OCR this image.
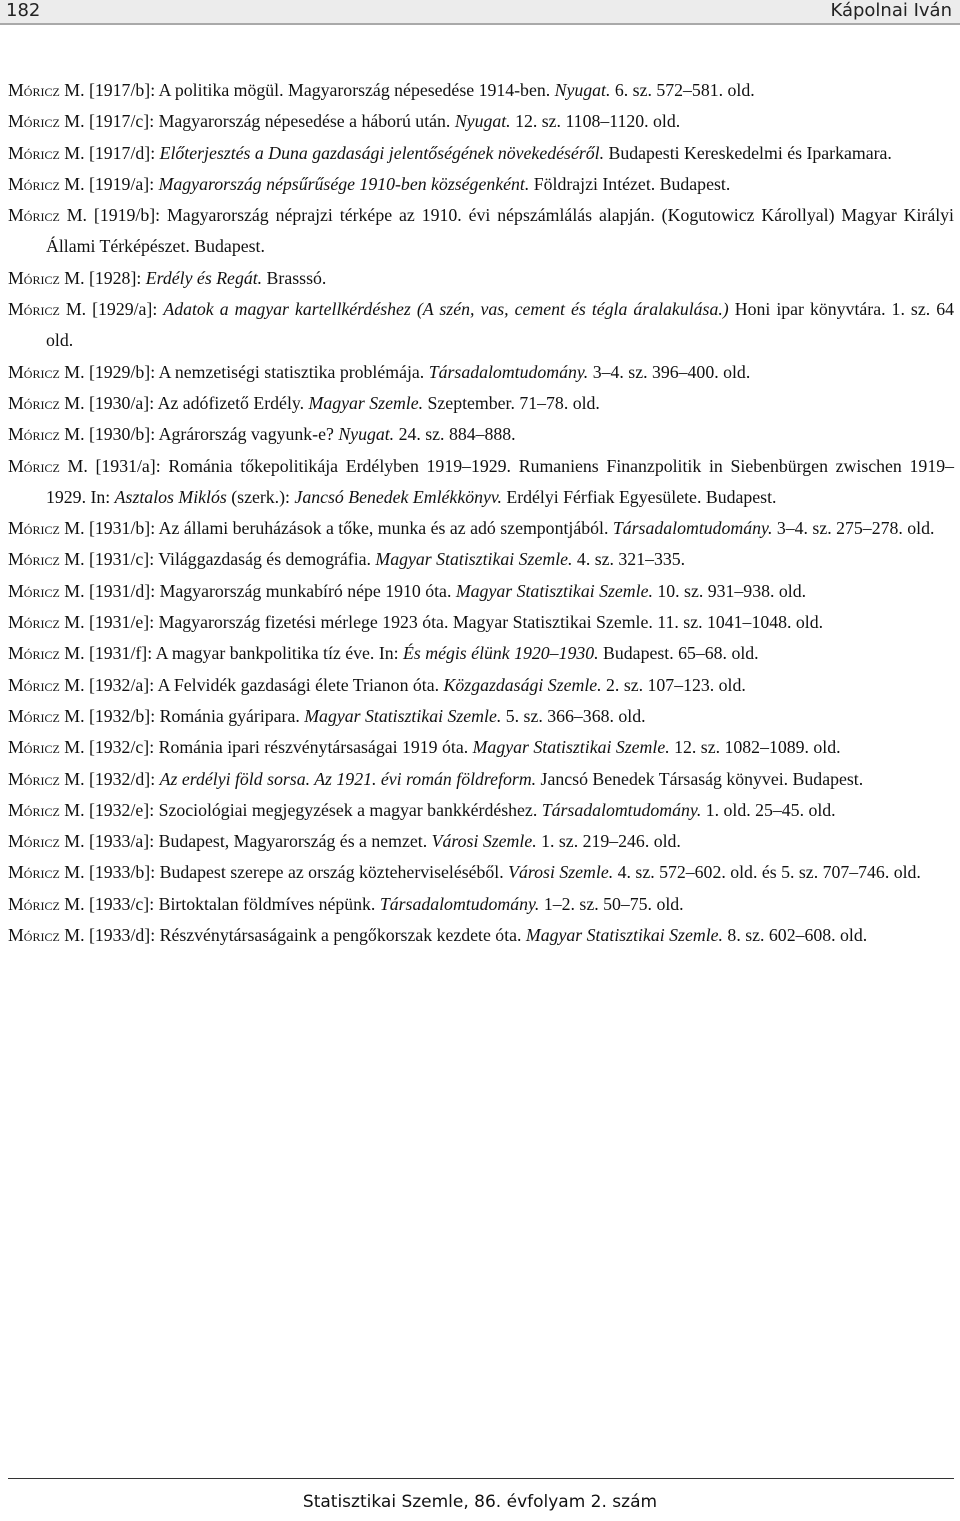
182	Kápolnai Iván

Móricz M. [1917/b]: A politika mögül. Magyarország népesedése 1914-ben. Nyugat. 6. sz. 572–581. old.

Móricz M. [1917/c]: Magyarország népesedése a háború után. Nyugat. 12. sz. 1108–1120. old.

Móricz M. [1917/d]: Előterjesztés a Duna gazdasági jelentőségének növekedéséről. Budapesti Kereskedelmi és Iparkamara.

Móricz M. [1919/a]: Magyarország népsűrűsége 1910-ben községenként. Földrajzi Intézet. Budapest.

Móricz M. [1919/b]: Magyarország néprajzi térképe az 1910. évi népszámlálás alapján. (Kogutowicz Károllyal) Magyar Királyi Állami Térképészet. Budapest.

Móricz M. [1928]: Erdély és Regát. Brasssó.

Móricz M. [1929/a]: Adatok a magyar kartellkérdéshez (A szén, vas, cement és tégla áralakulása.) Honi ipar könyvtára. 1. sz. 64 old.

Móricz M. [1929/b]: A nemzetiségi statisztika problémája. Társadalomtudomány. 3–4. sz. 396–400. old.

Móricz M. [1930/a]: Az adófizető Erdély. Magyar Szemle. Szeptember. 71–78. old.

Móricz M. [1930/b]: Agrárország vagyunk-e? Nyugat. 24. sz. 884–888.

Móricz M. [1931/a]: Románia tőkepolitikája Erdélyben 1919–1929. Rumaniens Finanzpolitik in Siebenbürgen zwischen 1919–1929. In: Asztalos Miklós (szerk.): Jancsó Benedek Emlékkönyv. Erdélyi Férfiak Egyesülete. Budapest.

Móricz M. [1931/b]: Az állami beruházások a tőke, munka és az adó szempontjából. Társadalomtudomány. 3–4. sz. 275–278. old.

Móricz M. [1931/c]: Világgazdaság és demográfia. Magyar Statisztikai Szemle. 4. sz. 321–335.

Móricz M. [1931/d]: Magyarország munkabíró népe 1910 óta. Magyar Statisztikai Szemle. 10. sz. 931–938. old.

Móricz M. [1931/e]: Magyarország fizetési mérlege 1923 óta. Magyar Statisztikai Szemle. 11. sz. 1041–1048. old.

Móricz M. [1931/f]: A magyar bankpolitika tíz éve. In: És mégis élünk 1920–1930. Budapest. 65–68. old.

Móricz M. [1932/a]: A Felvidék gazdasági élete Trianon óta. Közgazdasági Szemle. 2. sz. 107–123. old.

Móricz M. [1932/b]: Románia gyáripara. Magyar Statisztikai Szemle. 5. sz. 366–368. old.

Móricz M. [1932/c]: Románia ipari részvénytársaságai 1919 óta. Magyar Statisztikai Szemle. 12. sz. 1082–1089. old.

Móricz M. [1932/d]: Az erdélyi föld sorsa. Az 1921. évi román földreform. Jancsó Benedek Társaság könyvei. Budapest.

Móricz M. [1932/e]: Szociológiai megjegyzések a magyar bankkérdéshez. Társadalomtudomány. 1. old. 25–45. old.

Móricz M. [1933/a]: Budapest, Magyarország és a nemzet. Városi Szemle. 1. sz. 219–246. old.

Móricz M. [1933/b]: Budapest szerepe az ország közteherviseléséből. Városi Szemle. 4. sz. 572–602. old. és 5. sz. 707–746. old.

Móricz M. [1933/c]: Birtoktalan földmíves népünk. Társadalomtudomány. 1–2. sz. 50–75. old.

Móricz M. [1933/d]: Részvénytársaságaink a pengőkorszak kezdete óta. Magyar Statisztikai Szemle. 8. sz. 602–608. old.

Statisztikai Szemle, 86. évfolyam 2. szám
